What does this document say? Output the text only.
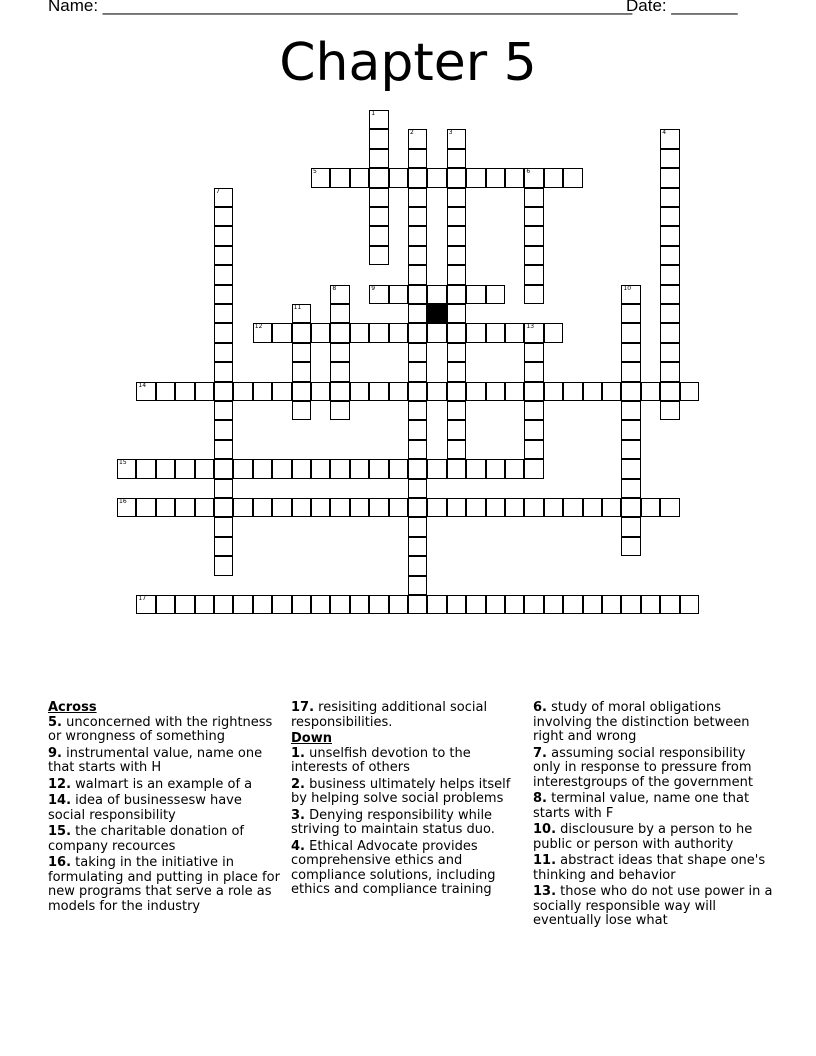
Name: ________________________________________________________
Date: _______
Chapter 5
1
2	3	4
5	6
7
8	9	10
11
12	13
14
15
16
17

Across

5. unconcerned with the rightness or wrongness of something

9. instrumental value, name one that starts with H

12. walmart is an example of a

14. idea of businessesw have social responsibility

15. the charitable donation of company recources

16. taking in the initiative in formulating and putting in place for new programs that serve a role as models for the industry

17. resisiting additional social responsibilities.

Down

1. unselfish devotion to the interests of others

2. business ultimately helps itself by helping solve social problems

3. Denying responsibility while striving to maintain status duo.

4. Ethical Advocate provides comprehensive ethics and compliance solutions, including ethics and compliance training

6. study of moral obligations involving the distinction between right and wrong

7. assuming social responsibility only in response to pressure from interestgroups of the government

8. terminal value, name one that starts with F

10. disclousure by a person to he public or person with authority

11. abstract ideas that shape one's thinking and behavior

13. those who do not use power in a socially responsible way will eventually lose what
